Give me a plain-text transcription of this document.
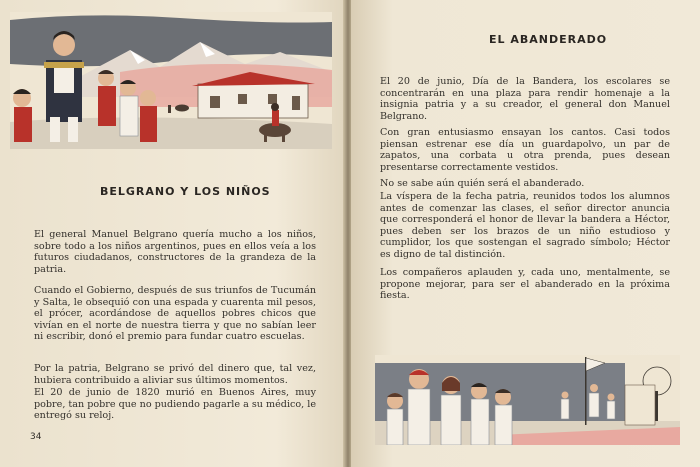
BELGRANO Y LOS NIÑOS

El general Manuel Belgrano quería mucho a los niños, sobre todo a los niños argentinos, pues en ellos veía a los futuros ciudadanos, constructores de la grandeza de la patria.

Cuando el Gobierno, después de sus triunfos de Tucumán y Salta, le obsequió con una espada y cuarenta mil pesos, el prócer, acordándose de aquellos pobres chicos que vivían en el norte de nuestra tierra y que no sabían leer ni escribir, donó el premio para fundar cuatro escuelas.

Por la patria, Belgrano se privó del dinero que, tal vez, hubiera contribuido a aliviar sus últimos momentos.

El 20 de junio de 1820 murió en Buenos Aires, muy pobre, tan pobre que no pudiendo pagarle a su médico, le entregó su reloj.

34
EL ABANDERADO

El 20 de junio, Día de la Bandera, los escolares se concentrarán en una plaza para rendir homenaje a la insignia patria y a su creador, el general don Manuel Belgrano.

Con gran entusiasmo ensayan los cantos. Casi todos piensan estrenar ese día un guardapolvo, un par de zapatos, una corbata u otra prenda, pues desean presentarse correctamente vestidos.

No se sabe aún quién será el abanderado.

La víspera de la fecha patria, reunidos todos los alumnos antes de comenzar las clases, el señor director anuncia que corresponderá el honor de llevar la bandera a Héctor, pues deben ser los brazos de un niño estudioso y cumplidor, los que sostengan el sagrado símbolo; Héctor es digno de tal distinción.

Los compañeros aplauden y, cada uno, mentalmente, se propone mejorar, para ser el abanderado en la próxima fiesta.
